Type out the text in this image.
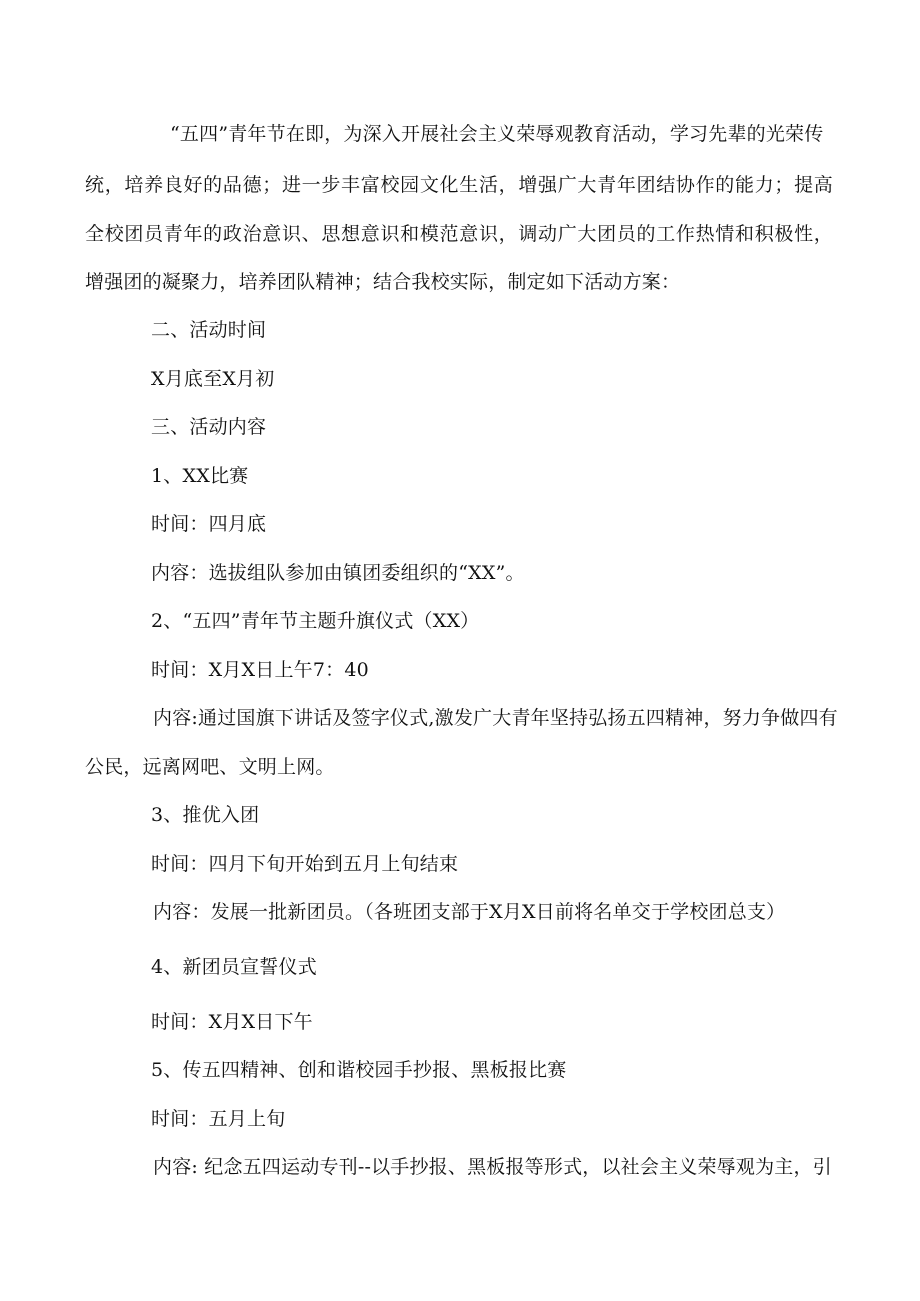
“五四”青年节在即，为深入开展社会主义荣辱观教育活动，学习先辈的光荣传
统，培养良好的品德；进一步丰富校园文化生活，增强广大青年团结协作的能力；提高
全校团员青年的政治意识、思想意识和模范意识，调动广大团员的工作热情和积极性，
增强团的凝聚力，培养团队精神；结合我校实际，制定如下活动方案：
二、活动时间
X月底至X月初
三、活动内容
1、XX比赛
时间：四月底
内容：选拔组队参加由镇团委组织的“XX”。
2、“五四”青年节主题升旗仪式（XX）
时间：X月X日上午7：40
内容:通过国旗下讲话及签字仪式,激发广大青年坚持弘扬五四精神，努力争做四有
公民，远离网吧、文明上网。
3、推优入团
时间：四月下旬开始到五月上旬结束
内容：发展一批新团员。（各班团支部于X月X日前将名单交于学校团总支）
4、新团员宣誓仪式
时间：X月X日下午
5、传五四精神、创和谐校园手抄报、黑板报比赛
时间：五月上旬
内容: 纪念五四运动专刊--以手抄报、黑板报等形式，以社会主义荣辱观为主，引
